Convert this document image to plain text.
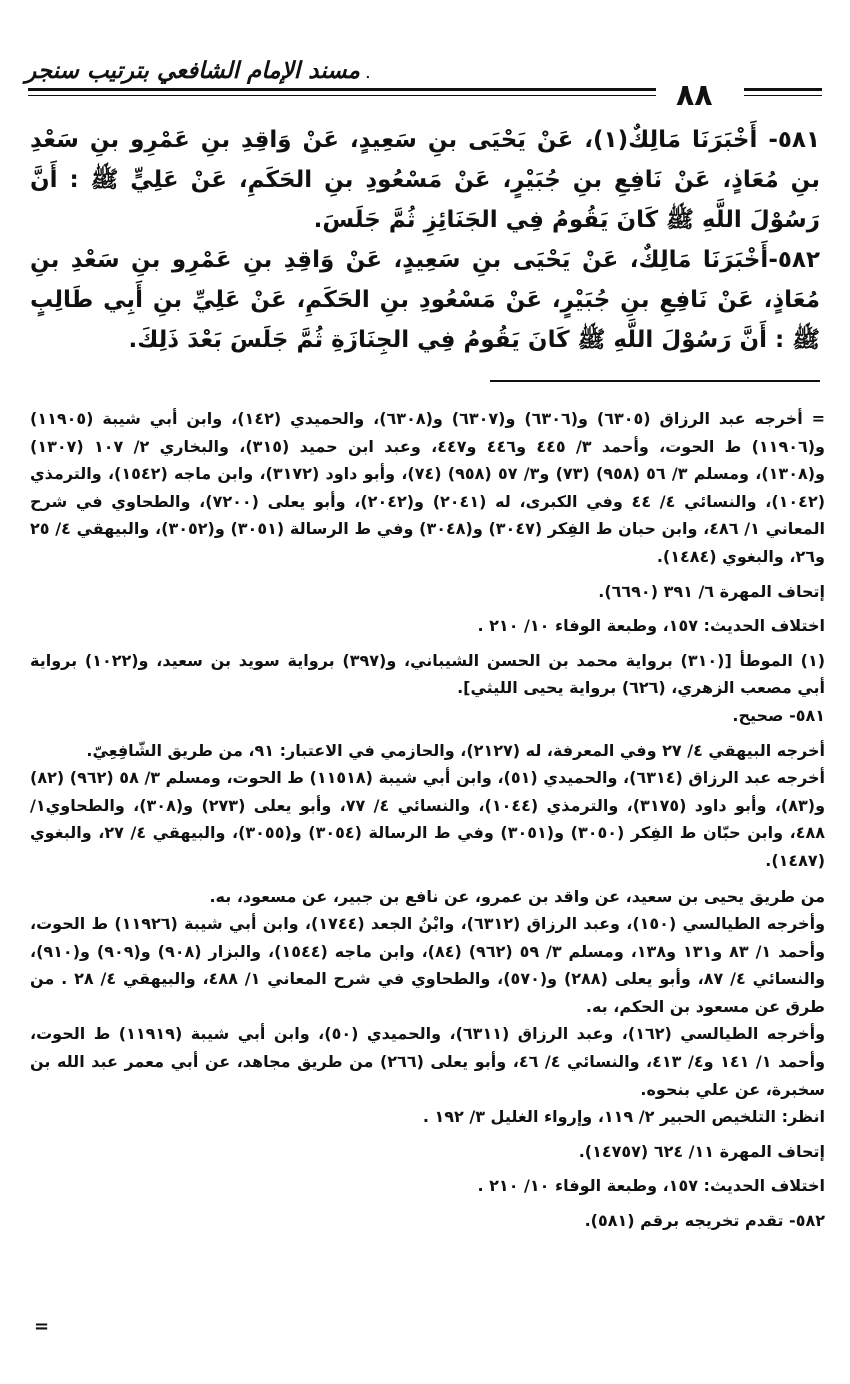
مسند الإمام الشافعي بترتيب سنجر .
٨٨

٥٨١- أَخْبَرَنَا مَالِكٌ(١)، عَنْ يَحْيَى بنِ سَعِيدٍ، عَنْ وَاقِدِ بنِ عَمْرِو بنِ سَعْدِ بنِ مُعَاذٍ، عَنْ نَافِعِ بنِ جُبَيْرٍ، عَنْ مَسْعُودِ بنِ الحَكَمِ، عَنْ عَلِيٍّ ﷺ : أَنَّ رَسُوْلَ اللَّهِ ﷺ كَانَ يَقُومُ فِي الجَنَائِزِ ثُمَّ جَلَسَ.

٥٨٢-أَخْبَرَنَا مَالِكٌ، عَنْ يَحْيَى بنِ سَعِيدٍ، عَنْ وَاقِدِ بنِ عَمْرِو بنِ سَعْدِ بنِ مُعَاذٍ، عَنْ نَافِعِ بنِ جُبَيْرٍ، عَنْ مَسْعُودِ بنِ الحَكَمِ، عَنْ عَلِيِّ بنِ أَبِي طَالِبٍ ﷺ : أَنَّ رَسُوْلَ اللَّهِ ﷺ كَانَ يَقُومُ فِي الجِنَازَةِ ثُمَّ جَلَسَ بَعْدَ ذَلِكَ.

= أخرجه عبد الرزاق (٦٣٠٥) و(٦٣٠٦) و(٦٣٠٧) و(٦٣٠٨)، والحميدي (١٤٢)، وابن أبي شيبة (١١٩٠٥) و(١١٩٠٦) ط الحوت، وأحمد ٣/ ٤٤٥ و٤٤٦ و٤٤٧، وعبد ابن حميد (٣١٥)، والبخاري ٢/ ١٠٧ (١٣٠٧) و(١٣٠٨)، ومسلم ٣/ ٥٦ (٩٥٨) (٧٣) و٣/ ٥٧ (٩٥٨) (٧٤)، وأبو داود (٣١٧٢)، وابن ماجه (١٥٤٢)، والترمذي (١٠٤٢)، والنسائي ٤/ ٤٤ وفي الكبرى، له (٢٠٤١) و(٢٠٤٢)، وأبو يعلى (٧٢٠٠)، والطحاوي في شرح المعاني ١/ ٤٨٦، وابن حبان ط الفِكر (٣٠٤٧) و(٣٠٤٨) وفي ط الرسالة (٣٠٥١) و(٣٠٥٢)، والبيهقي ٤/ ٢٥ و٢٦، والبغوي (١٤٨٤).

إتحاف المهرة ٦/ ٣٩١ (٦٦٩٠).

اختلاف الحديث: ١٥٧، وطبعة الوفاء ١٠/ ٢١٠ .

(١) الموطأ [(٣١٠) برواية محمد بن الحسن الشيباني، و(٣٩٧) برواية سويد بن سعيد، و(١٠٢٢) برواية أبي مصعب الزهري، (٦٢٦) برواية يحيى الليثي].

٥٨١- صحيح.

أخرجه البيهقي ٤/ ٢٧ وفي المعرفة، له (٢١٢٧)، والحازمي في الاعتبار: ٩١، من طريق الشّافِعِيّ.

أخرجه عبد الرزاق (٦٣١٤)، والحميدي (٥١)، وابن أبي شيبة (١١٥١٨) ط الحوت، ومسلم ٣/ ٥٨ (٩٦٢) (٨٢) و(٨٣)، وأبو داود (٣١٧٥)، والترمذي (١٠٤٤)، والنسائي ٤/ ٧٧، وأبو يعلى (٢٧٣) و(٣٠٨)، والطحاوي١/ ٤٨٨، وابن حبّان ط الفِكر (٣٠٥٠) و(٣٠٥١) وفي ط الرسالة (٣٠٥٤) و(٣٠٥٥)، والبيهقي ٤/ ٢٧، والبغوي (١٤٨٧).

من طريق يحيى بن سعيد، عن واقد بن عمرو، عن نافع بن جبير، عن مسعود، به.

وأخرجه الطيالسي (١٥٠)، وعبد الرزاق (٦٣١٢)، وابْنُ الجعد (١٧٤٤)، وابن أبي شيبة (١١٩٢٦) ط الحوت، وأحمد ١/ ٨٣ و١٣١ و١٣٨، ومسلم ٣/ ٥٩ (٩٦٢) (٨٤)، وابن ماجه (١٥٤٤)، والبزار (٩٠٨) و(٩٠٩) و(٩١٠)، والنسائي ٤/ ٨٧، وأبو يعلى (٢٨٨) و(٥٧٠)، والطحاوي في شرح المعاني ١/ ٤٨٨، والبيهقي ٤/ ٢٨ . من طرق عن مسعود بن الحكم، به.

وأخرجه الطيالسي (١٦٢)، وعبد الرزاق (٦٣١١)، والحميدي (٥٠)، وابن أبي شيبة (١١٩١٩) ط الحوت، وأحمد ١/ ١٤١ و٤/ ٤١٣، والنسائي ٤/ ٤٦، وأبو يعلى (٢٦٦) من طريق مجاهد، عن أبي معمر عبد الله بن سخبرة، عن علي بنحوه.

انظر: التلخيص الحبير ٢/ ١١٩، وإرواء الغليل ٣/ ١٩٢ .

إتحاف المهرة ١١/ ٦٢٤ (١٤٧٥٧).

اختلاف الحديث: ١٥٧، وطبعة الوفاء ١٠/ ٢١٠ .

٥٨٢- تقدم تخريجه برقم (٥٨١).

=
